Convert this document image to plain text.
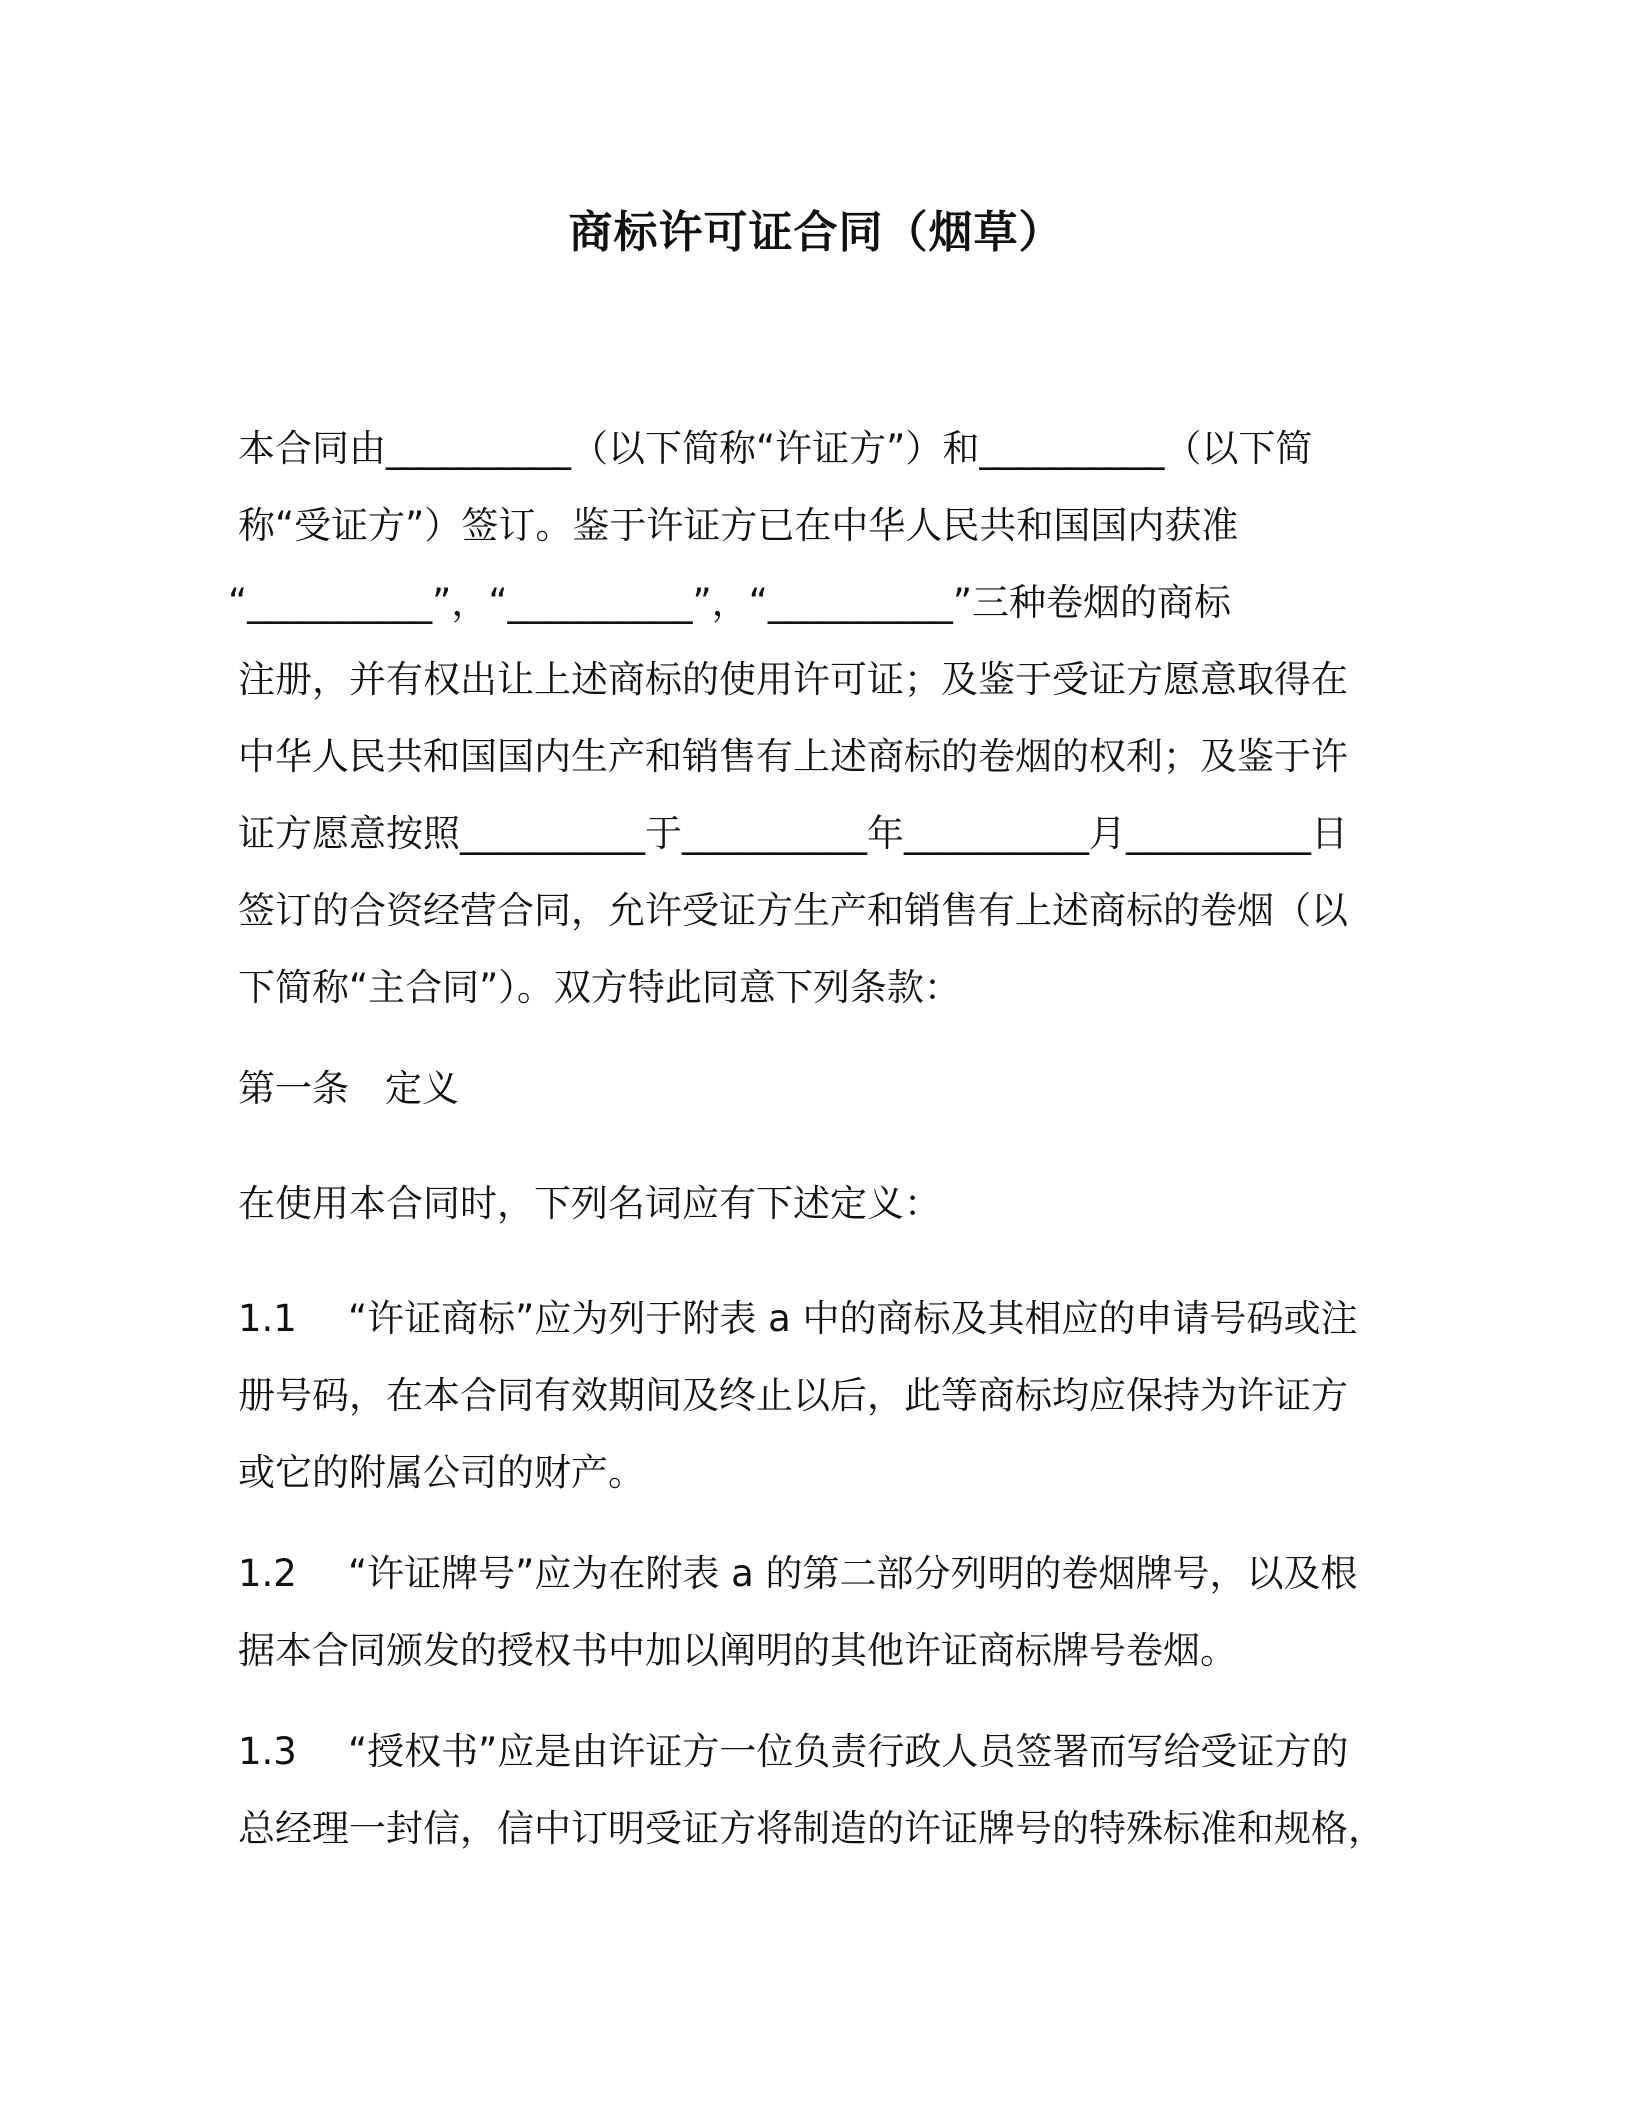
商标许可证合同（烟草）

本合同由__________（以下简称“许证方”）和__________（以下简
称“受证方”）签订。鉴于许证方已在中华人民共和国国内获准
“__________”，“__________”，“__________”三种卷烟的商标
注册，并有权出让上述商标的使用许可证；及鉴于受证方愿意取得在
中华人民共和国国内生产和销售有上述商标的卷烟的权利；及鉴于许
证方愿意按照__________于__________年__________月__________日
签订的合资经营合同，允许受证方生产和销售有上述商标的卷烟（以
下简称“主合同”）。双方特此同意下列条款：

第一条 定义

在使用本合同时，下列名词应有下述定义：

1.1 “许证商标”应为列于附表 a 中的商标及其相应的申请号码或注
册号码，在本合同有效期间及终止以后，此等商标均应保持为许证方
或它的附属公司的财产。

1.2 “许证牌号”应为在附表 a 的第二部分列明的卷烟牌号，以及根
据本合同颁发的授权书中加以阐明的其他许证商标牌号卷烟。

1.3 “授权书”应是由许证方一位负责行政人员签署而写给受证方的
总经理一封信，信中订明受证方将制造的许证牌号的特殊标准和规格，
